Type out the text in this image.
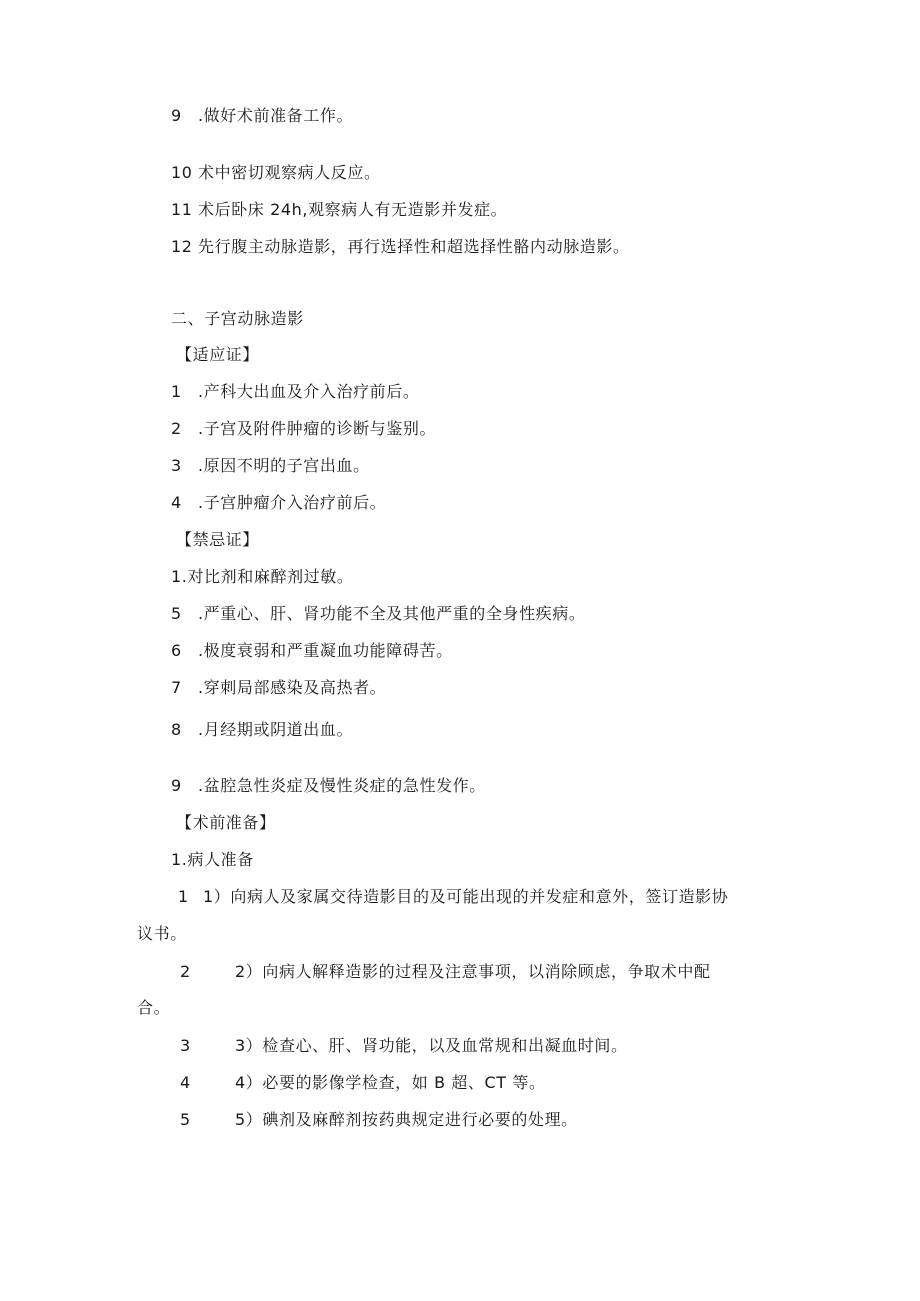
9 .做好术前准备工作。
10 术中密切观察病人反应。
11 术后卧床 24h,观察病人有无造影并发症。
12 先行腹主动脉造影，再行选择性和超选择性骼内动脉造影。
二、子宫动脉造影
【适应证】
1 .产科大出血及介入治疗前后。
2 .子宫及附件肿瘤的诊断与鉴别。
3 .原因不明的子宫出血。
4 .子宫肿瘤介入治疗前后。
【禁忌证】
1.对比剂和麻醉剂过敏。
5 .严重心、肝、肾功能不全及其他严重的全身性疾病。
6 .极度衰弱和严重凝血功能障碍苦。
7 .穿刺局部感染及高热者。
8 .月经期或阴道出血。
9 .盆腔急性炎症及慢性炎症的急性发作。
【术前准备】
1.病人准备
1 1）向病人及家属交待造影目的及可能出现的并发症和意外，签订造影协
议书。
2	2）向病人解释造影的过程及注意事项，以消除顾虑，争取术中配
合。
3	3）检查心、肝、肾功能，以及血常规和出凝血时间。
4	4）必要的影像学检查，如 B 超、CT 等。
5	5）碘剂及麻醉剂按药典规定进行必要的处理。
